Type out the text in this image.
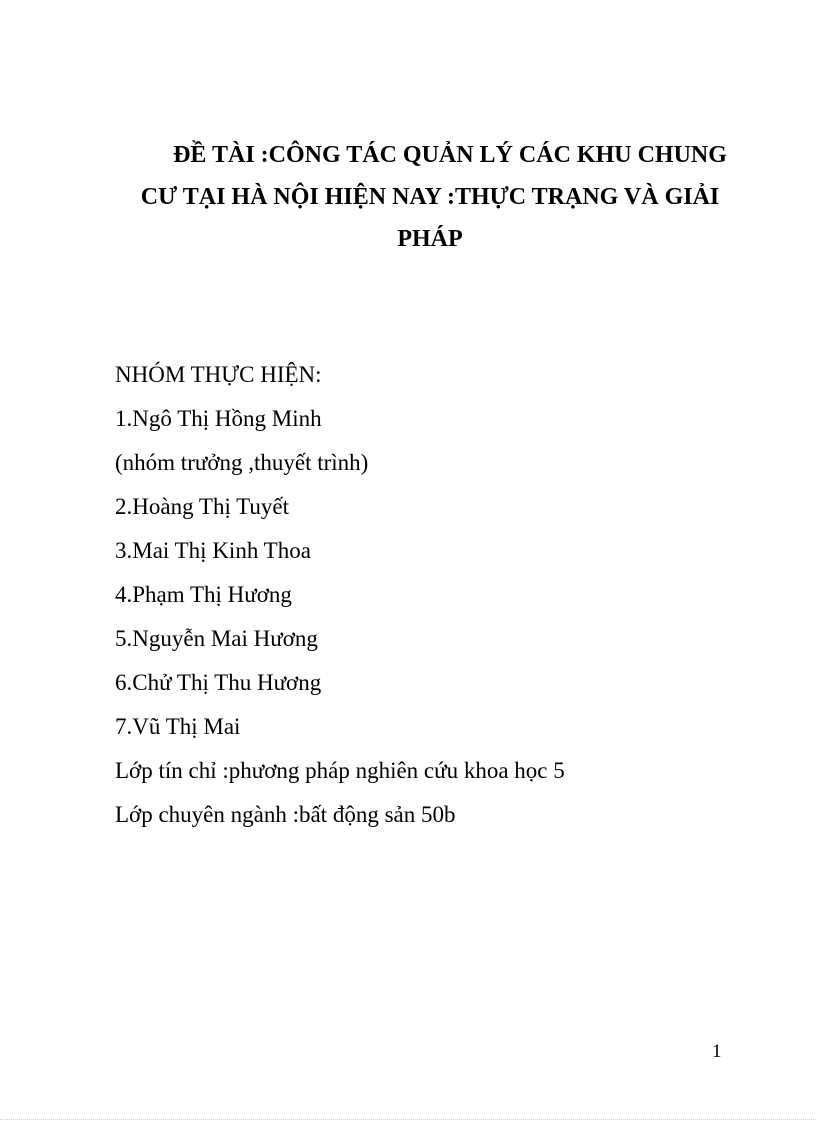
ĐỀ TÀI :CÔNG TÁC QUẢN LÝ CÁC KHU CHUNG
CƯ TẠI HÀ NỘI HIỆN NAY :THỰC TRẠNG VÀ GIẢI
PHÁP

NHÓM THỰC HIỆN:

1.Ngô Thị Hồng Minh

(nhóm trưởng ,thuyết trình)

2.Hoàng Thị Tuyết

3.Mai Thị Kinh Thoa

4.Phạm Thị Hương

5.Nguyễn Mai Hương

6.Chử Thị Thu Hương

7.Vũ Thị Mai

Lớp tín chỉ :phương pháp nghiên cứu khoa học 5

Lớp chuyên ngành :bất động sản 50b

1
